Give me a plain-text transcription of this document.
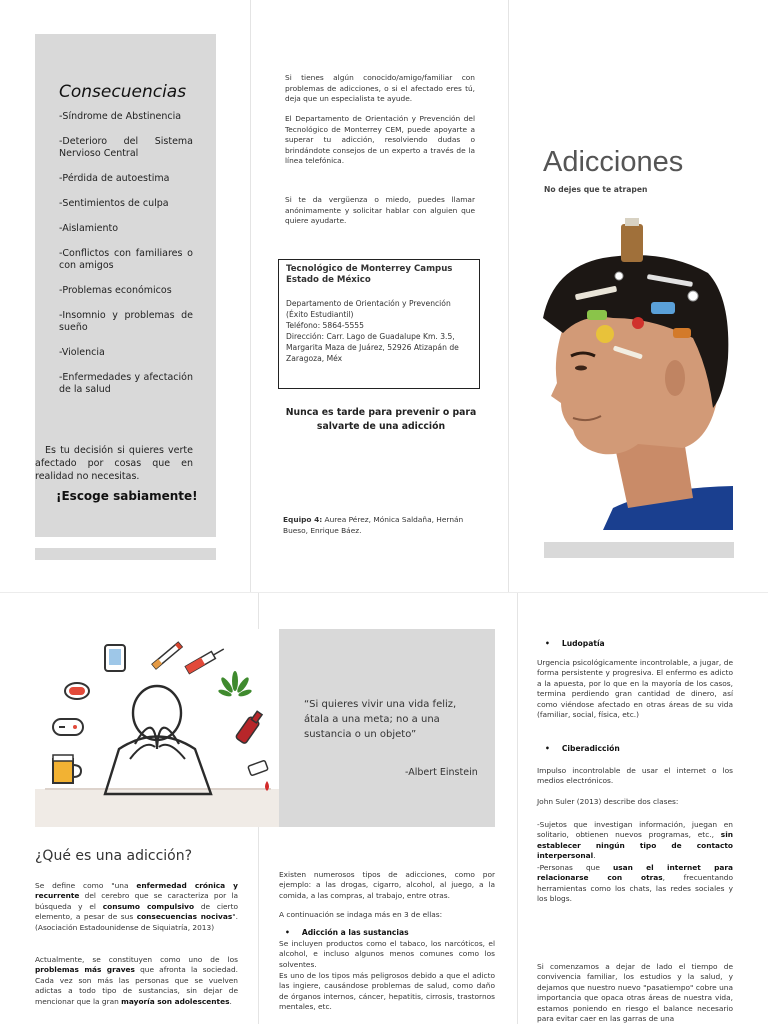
Consecuencias
-Síndrome de Abstinencia
-Deterioro del Sistema Nervioso Central
-Pérdida de autoestima
-Sentimientos de culpa
-Aislamiento
-Conflictos con familiares o con amigos
-Problemas económicos
-Insomnio y problemas de sueño
-Violencia
-Enfermedades y afectación de la salud
Es tu decisión si quieres verte afectado por cosas que en realidad no necesitas.
¡Escoge sabiamente!
Si tienes algún conocido/amigo/familiar con problemas de adicciones, o si el afectado eres tú, deja que un especialista te ayude.
El Departamento de Orientación y Prevención del Tecnológico de Monterrey CEM, puede apoyarte a superar tu adicción, resolviendo dudas o brindándote consejos de un experto a través de la línea telefónica.
Si te da vergüenza o miedo, puedes llamar anónimamente y solicitar hablar con alguien que quiere ayudarte.
Tecnológico de Monterrey Campus Estado de México
Departamento de Orientación y Prevención
(Éxito Estudiantil)
Teléfono: 5864-5555
Dirección: Carr. Lago de Guadalupe Km. 3.5, Margarita Maza de Juárez, 52926 Atizapán de Zaragoza, Méx
Nunca es tarde para prevenir o para salvarte de una adicción
Equipo 4: Aurea Pérez, Mónica Saldaña, Hernán Bueso, Enrique Báez.
Adicciones
No dejes que te atrapen
“Si quieres vivir una vida feliz, átala a una meta; no a una sustancia o un objeto”
-Albert Einstein
¿Qué es una adicción?
Se define como "una enfermedad crónica y recurrente del cerebro que se caracteriza por la búsqueda y el consumo compulsivo de cierto elemento, a pesar de sus consecuencias nocivas". (Asociación Estadounidense de Siquiatría, 2013)
Actualmente, se constituyen como uno de los problemas más graves que afronta la sociedad. Cada vez son más las personas que se vuelven adictas a todo tipo de sustancias, sin dejar de mencionar que la gran mayoría son adolescentes.
Existen numerosos tipos de adicciones, como por ejemplo: a las drogas, cigarro, alcohol, al juego, a la comida, a las compras, al trabajo, entre otras.
A continuación se indaga más en 3 de ellas:
• Adicción a las sustancias
Se incluyen productos como el tabaco, los narcóticos, el alcohol, e incluso algunos menos comunes como los solventes.
Es uno de los tipos más peligrosos debido a que el adicto las ingiere, causándose problemas de salud, como daño de órganos internos, cáncer, hepatitis, cirrosis, trastornos mentales, etc.
• Ludopatía
Urgencia psicológicamente incontrolable, a jugar, de forma persistente y progresiva. El enfermo es adicto a la apuesta, por lo que en la mayoría de los casos, termina perdiendo gran cantidad de dinero, así como viéndose afectado en otras áreas de su vida (familiar, social, física, etc.)
• Ciberadicción
Impulso incontrolable de usar el internet o los medios electrónicos.
John Suler (2013) describe dos clases:
-Sujetos que investigan información, juegan en solitario, obtienen nuevos programas, etc., sin establecer ningún tipo de contacto interpersonal.
-Personas que usan el internet para relacionarse con otras, frecuentando herramientas como los chats, las redes sociales y los blogs.
Si comenzamos a dejar de lado el tiempo de convivencia familiar, los estudios y la salud, y dejamos que nuestro nuevo "pasatiempo" cobre una importancia que opaca otras áreas de nuestra vida, estamos poniendo en riesgo el balance necesario para evitar caer en las garras de una
